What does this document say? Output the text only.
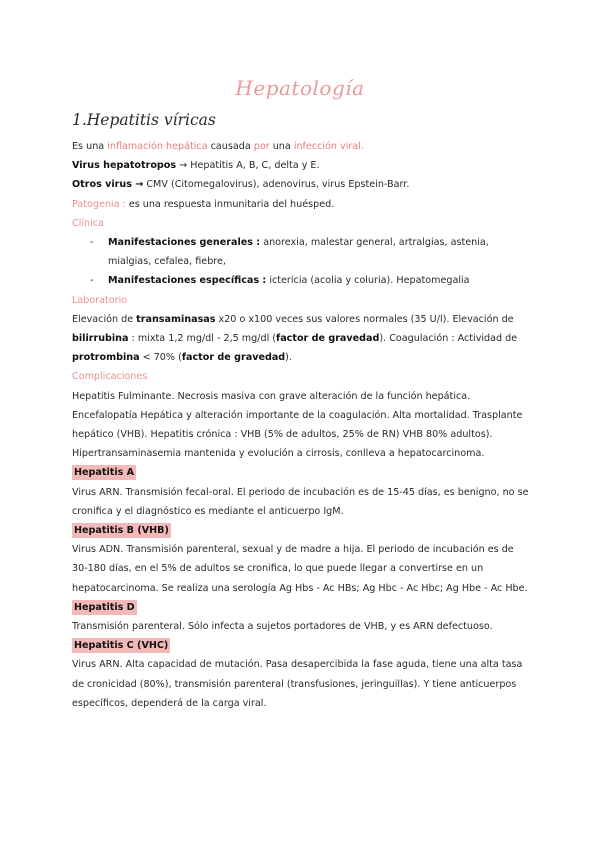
Hepatología
1.Hepatitis víricas

Es una inflamación hepática causada por una infección viral.

Virus hepatotropos → Hepatitis A, B, C, delta y E.

Otros virus → CMV (Citomegalovirus), adenovirus, virus Epstein-Barr.

Patogenia : es una respuesta inmunitaria del huésped.

Clínica

- Manifestaciones generales : anorexia, malestar general, artralgias, astenia, mialgias, cefalea, fiebre,
- Manifestaciones específicas : ictericia (acolia y coluria). Hepatomegalia

Laboratorio

Elevación de transaminasas x20 o x100 veces sus valores normales (35 U/l). Elevación de bilirrubina : mixta 1,2 mg/dl - 2,5 mg/dl (factor de gravedad). Coagulación : Actividad de protrombina < 70% (factor de gravedad).

Complicaciones

Hepatitis Fulminante. Necrosis masiva con grave alteración de la función hepática. Encefalopatía Hepática y alteración importante de la coagulación. Alta mortalidad. Trasplante hepático (VHB). Hepatitis crónica : VHB (5% de adultos, 25% de RN) VHB 80% adultos). Hipertransaminasemia mantenida y evolución a cirrosis, conlleva a hepatocarcinoma.

Hepatitis A

Virus ARN. Transmisión fecal-oral. El periodo de incubación es de 15-45 días, es benigno, no se cronifica y el diagnóstico es mediante el anticuerpo IgM.

Hepatitis B (VHB)

Virus ADN. Transmisión parenteral, sexual y de madre a hija. El periodo de incubación es de 30-180 días, en el 5% de adultos se cronifica, lo que puede llegar a convertirse en un hepatocarcinoma. Se realiza una serología Ag Hbs - Ac HBs; Ag Hbc - Ac Hbc; Ag Hbe - Ac Hbe.

Hepatitis D

Transmisión parenteral. Sólo infecta a sujetos portadores de VHB, y es ARN defectuoso.

Hepatitis C (VHC)

Virus ARN. Alta capacidad de mutación. Pasa desapercibida la fase aguda, tiene una alta tasa de cronicidad (80%), transmisión parenteral (transfusiones, jeringuillas). Y tiene anticuerpos específicos, dependerá de la carga viral.
